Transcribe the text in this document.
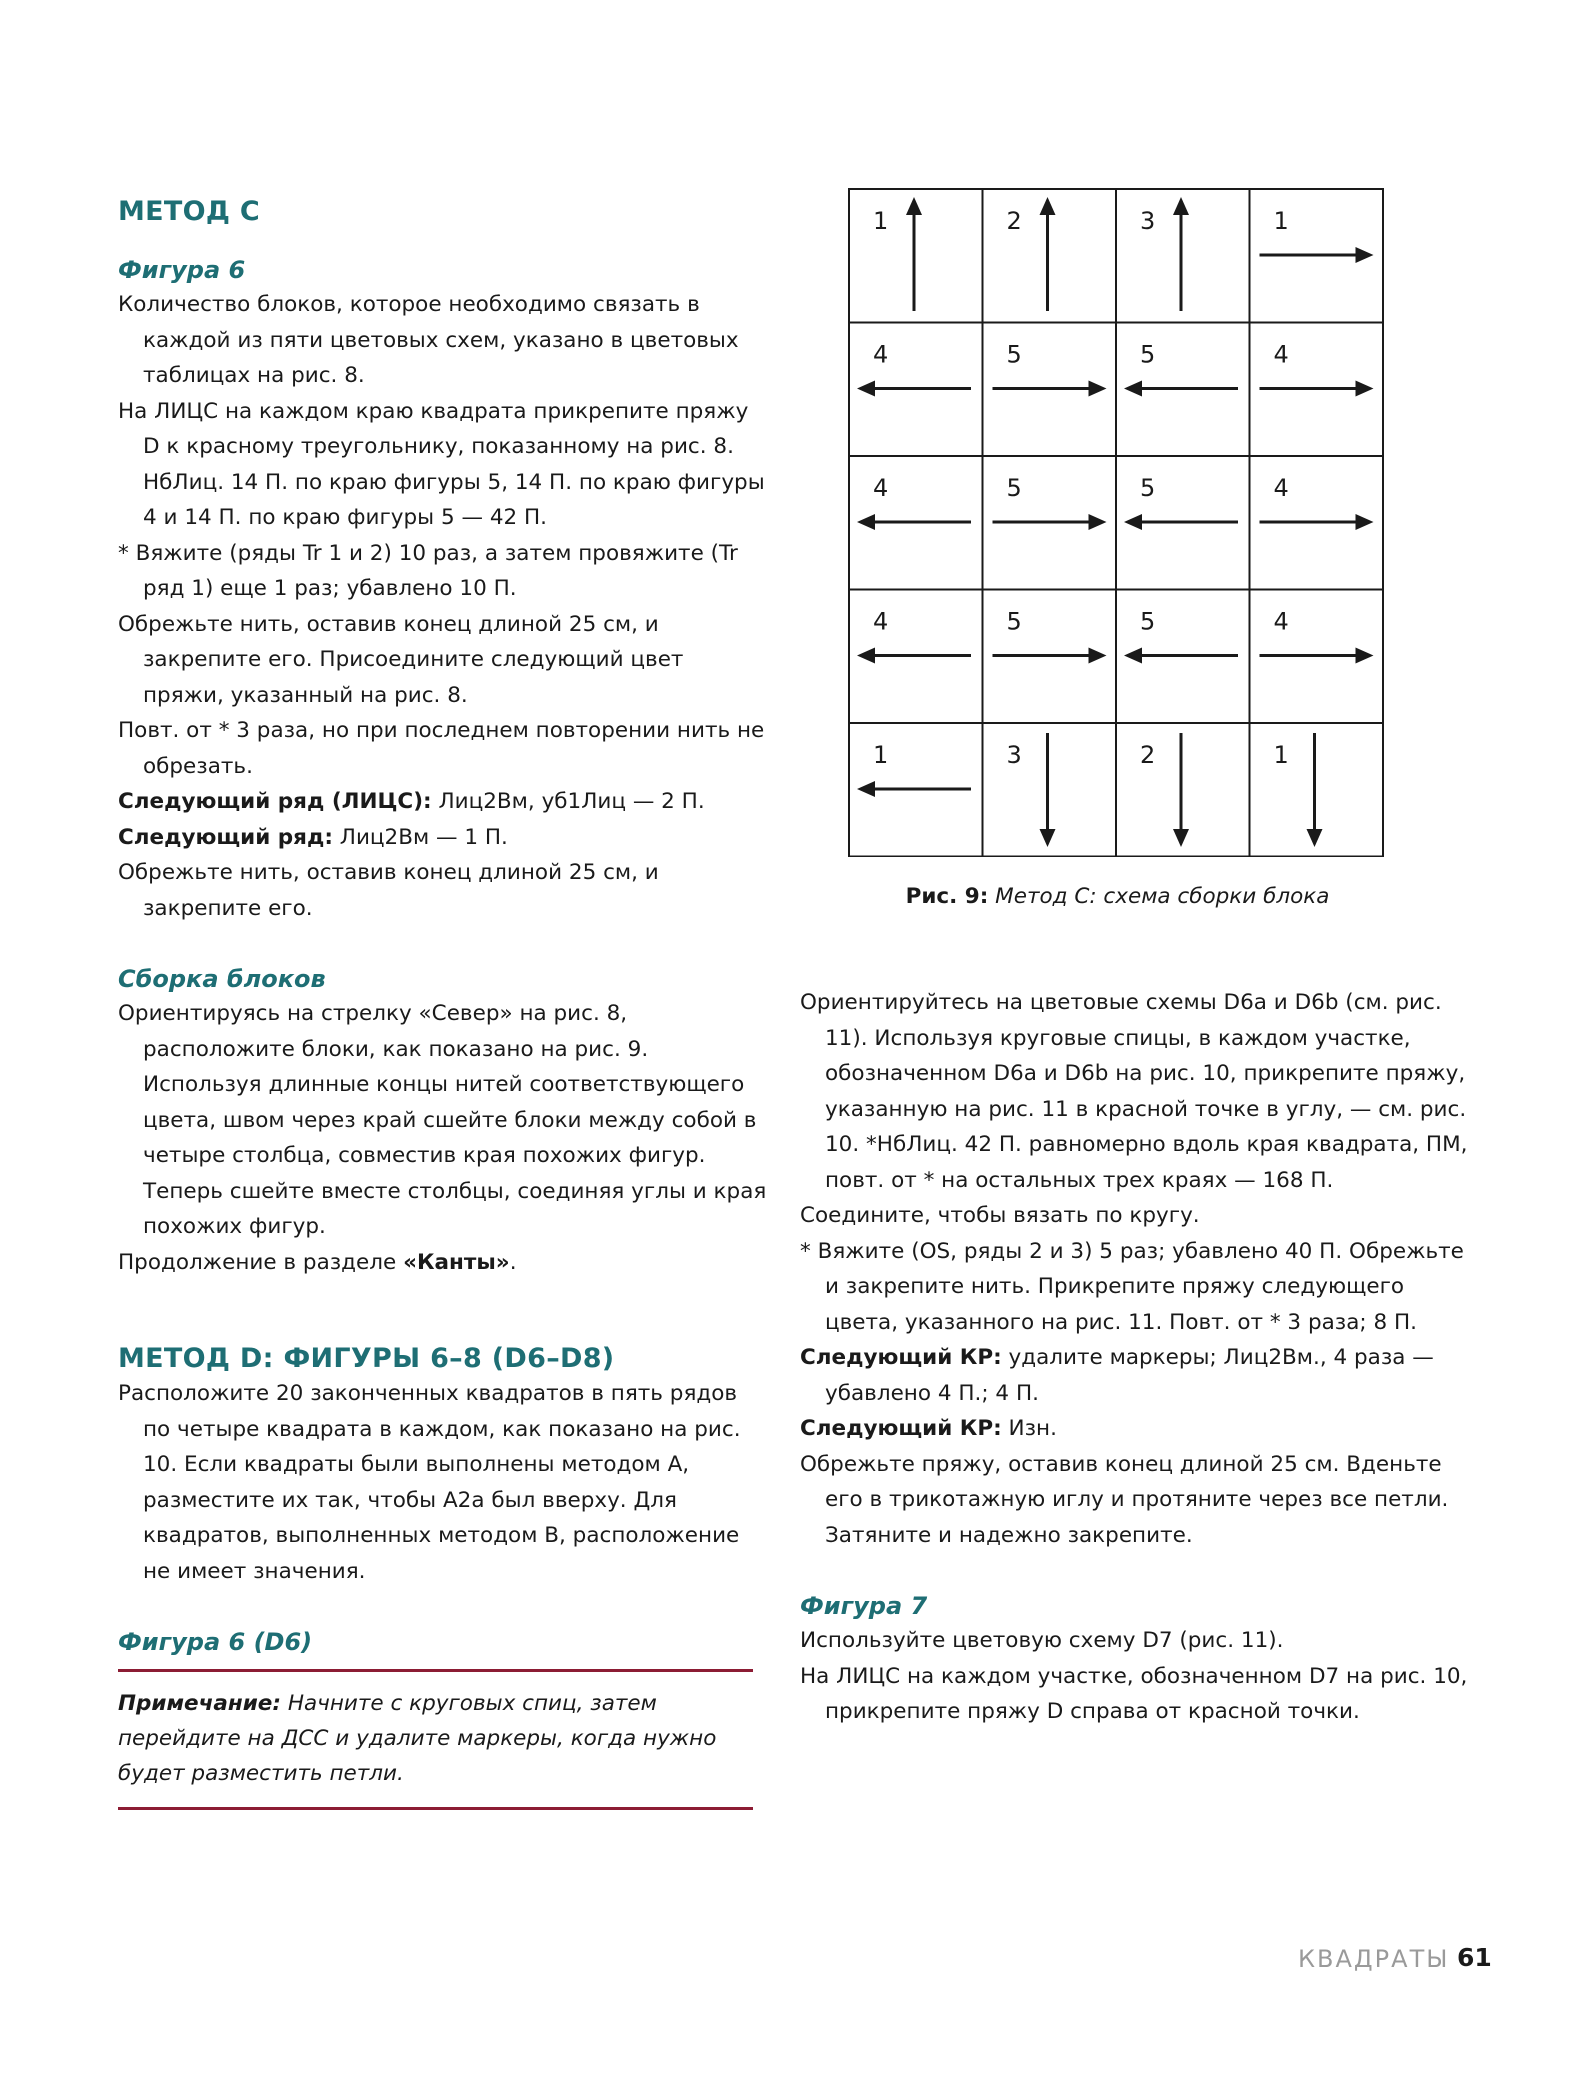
МЕТОД С
Фигура 6

Количество блоков, которое необходимо связать в каждой из пяти цветовых схем, указано в цветовых таблицах на рис. 8.

На ЛИЦС на каждом краю квадрата прикрепите пряжу D к красному треугольнику, показанному на рис. 8. НбЛиц. 14 П. по краю фигуры 5, 14 П. по краю фигуры 4 и 14 П. по краю фигуры 5 — 42 П.

* Вяжите (ряды Tr 1 и 2) 10 раз, а затем провяжите (Tr ряд 1) еще 1 раз; убавлено 10 П.

Обрежьте нить, оставив конец длиной 25 см, и закрепите его. Присоедините следующий цвет пряжи, указанный на рис. 8.

Повт. от * 3 раза, но при последнем повторении нить не обрезать.

Следующий ряд (ЛИЦС): Лиц2Вм, уб1Лиц — 2 П.

Следующий ряд: Лиц2Вм — 1 П.

Обрежьте нить, оставив конец длиной 25 см, и закрепите его.

Сборка блоков

Ориентируясь на стрелку «Север» на рис. 8, расположите блоки, как показано на рис. 9. Используя длинные концы нитей соответствующего цвета, швом через край сшейте блоки между собой в четыре столбца, совместив края похожих фигур. Теперь сшейте вместе столбцы, соединяя углы и края похожих фигур.

Продолжение в разделе «Канты».

МЕТОД D: ФИГУРЫ 6–8 (D6–D8)

Расположите 20 законченных квадратов в пять рядов по четыре квадрата в каждом, как показано на рис. 10. Если квадраты были выполнены методом А, разместите их так, чтобы A2a был вверху. Для квадратов, выполненных методом B, расположение не имеет значения.

Фигура 6 (D6)
Примечание: Начните с круговых спиц, затем перейдите на ДСС и удалите маркеры, когда нужно будет разместить петли.
1	2	3	1
4	5	5	4
4	5	5	4
4	5	5	4
1	3	2	1
Рис. 9: Метод С: схема сборки блока

Ориентируйтесь на цветовые схемы D6a и D6b (см. рис. 11). Используя круговые спицы, в каждом участке, обозначенном D6a и D6b на рис. 10, прикрепите пряжу, указанную на рис. 11 в красной точке в углу, — см. рис. 10. *НбЛиц. 42 П. равномерно вдоль края квадрата, ПМ, повт. от * на остальных трех краях — 168 П.

Соедините, чтобы вязать по кругу.

* Вяжите (OS, ряды 2 и 3) 5 раз; убавлено 40 П. Обрежьте и закрепите нить. Прикрепите пряжу следующего цвета, указанного на рис. 11. Повт. от * 3 раза; 8 П.

Следующий КР: удалите маркеры; Лиц2Вм., 4 раза — убавлено 4 П.; 4 П.

Следующий КР: Изн.

Обрежьте пряжу, оставив конец длиной 25 см. Вденьте его в трикотажную иглу и протяните через все петли. Затяните и надежно закрепите.

Фигура 7

Используйте цветовую схему D7 (рис. 11).

На ЛИЦС на каждом участке, обозначенном D7 на рис. 10, прикрепите пряжу D справа от красной точки.

КВАДРАТЫ 61
